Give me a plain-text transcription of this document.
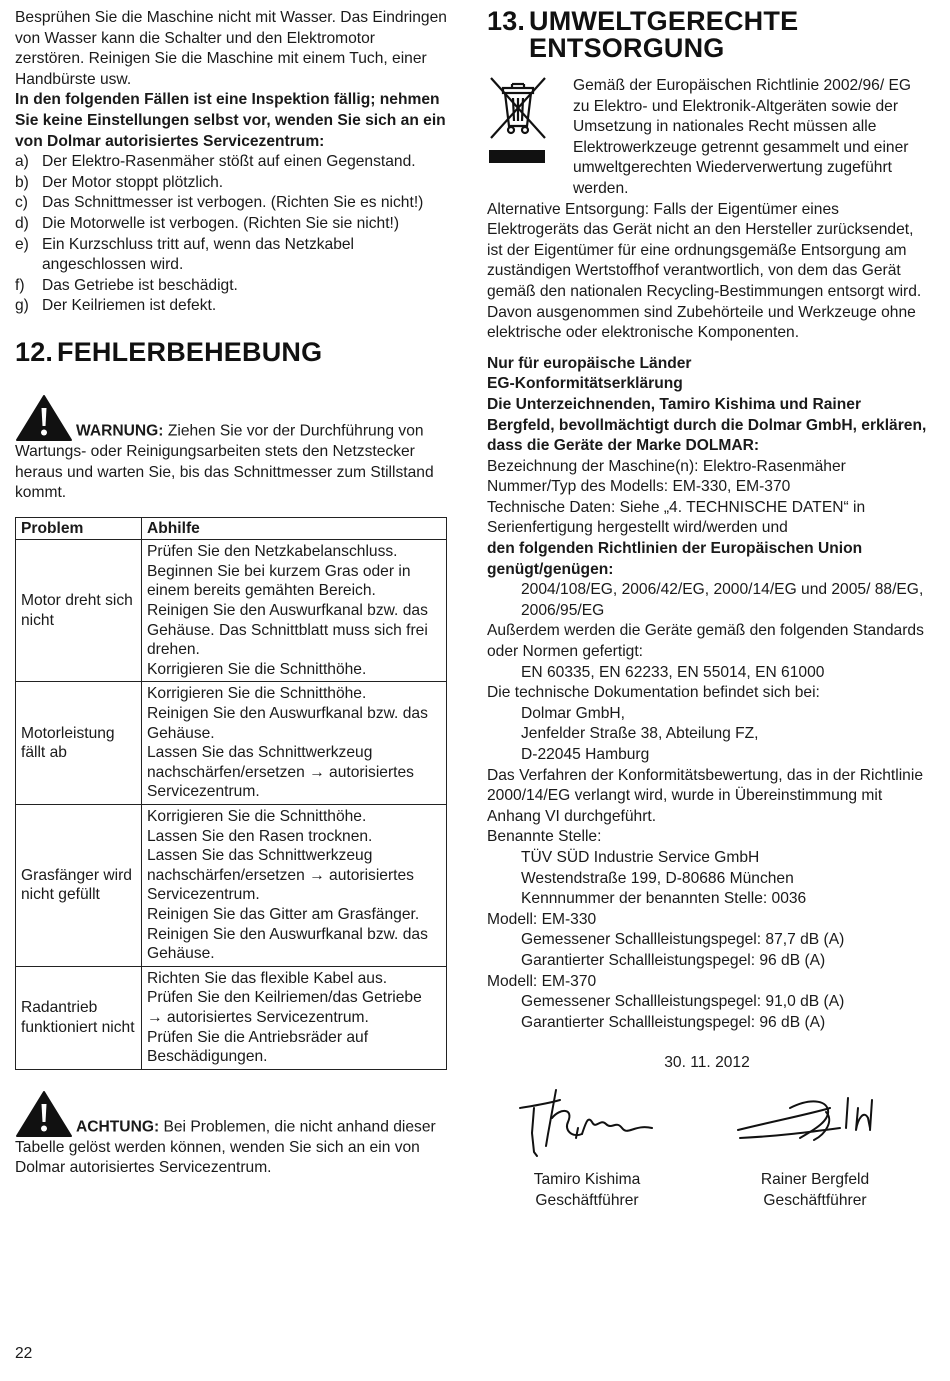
Besprühen Sie die Maschine nicht mit Wasser. Das Eindringen von Wasser kann die Schalter und den Elektromotor zerstören. Reinigen Sie die Maschine mit einem Tuch, einer Handbürste usw.

In den folgenden Fällen ist eine Inspektion fällig; nehmen Sie keine Einstellungen selbst vor, wenden Sie sich an ein von Dolmar autorisiertes Servicezentrum:

a) Der Elektro-Rasenmäher stößt auf einen Gegenstand.
b) Der Motor stoppt plötzlich.
c) Das Schnittmesser ist verbogen. (Richten Sie es nicht!)
d) Die Motorwelle ist verbogen. (Richten Sie sie nicht!)
e) Ein Kurzschluss tritt auf, wenn das Netzkabel angeschlossen wird.
f) Das Getriebe ist beschädigt.
g) Der Keilriemen ist defekt.
12. FEHLERBEHEBUNG
WARNUNG: Ziehen Sie vor der Durchführung von Wartungs- oder Reinigungsarbeiten stets den Netzstecker heraus und warten Sie, bis das Schnittmesser zum Stillstand kommt.
Problem	Abhilfe
Motor dreht sich nicht	Prüfen Sie den Netzkabelanschluss.
Beginnen Sie bei kurzem Gras oder in einem bereits gemähten Bereich.
Reinigen Sie den Auswurfkanal bzw. das Gehäuse. Das Schnittblatt muss sich frei drehen.
Korrigieren Sie die Schnitthöhe.

Motorleistung fällt ab	Korrigieren Sie die Schnitthöhe.
Reinigen Sie den Auswurfkanal bzw. das Gehäuse.
Lassen Sie das Schnittwerkzeug nachschärfen/ersetzen → autorisiertes Servicezentrum.

Grasfänger wird nicht gefüllt	Korrigieren Sie die Schnitthöhe.
Lassen Sie den Rasen trocknen.
Lassen Sie das Schnittwerkzeug nachschärfen/ersetzen → autorisiertes Servicezentrum.
Reinigen Sie das Gitter am Grasfänger.
Reinigen Sie den Auswurfkanal bzw. das Gehäuse.

Radantrieb funktioniert nicht	Richten Sie das flexible Kabel aus.
Prüfen Sie den Keilriemen/das Getriebe → autorisiertes Servicezentrum.
Prüfen Sie die Antriebsräder auf Beschädigungen.
ACHTUNG: Bei Problemen, die nicht anhand dieser Tabelle gelöst werden können, wenden Sie sich an ein von Dolmar autorisiertes Servicezentrum.
13. UMWELTGERECHTE
ENTSORGUNG

Gemäß der Europäischen Richtlinie 2002/96/ EG zu Elektro- und Elektronik-Altgeräten sowie der Umsetzung in nationales Recht müssen alle Elektrowerkzeuge getrennt gesammelt und einer umweltgerechten Wiederverwertung zugeführt werden.

Alternative Entsorgung: Falls der Eigentümer eines Elektrogeräts das Gerät nicht an den Hersteller zurücksendet, ist der Eigentümer für eine ordnungsgemäße Entsorgung am zuständigen Wertstoffhof verantwortlich, von dem das Gerät gemäß den nationalen Recycling-Bestimmungen entsorgt wird. Davon ausgenommen sind Zubehörteile und Werkzeuge ohne elektrische oder elektronische Komponenten.

Nur für europäische Länder

EG-Konformitätserklärung

Die Unterzeichnenden, Tamiro Kishima und Rainer Bergfeld, bevollmächtigt durch die Dolmar GmbH, erklären, dass die Geräte der Marke DOLMAR:

Bezeichnung der Maschine(n): Elektro-Rasenmäher

Nummer/Typ des Modells: EM-330, EM-370

Technische Daten: Siehe „4. TECHNISCHE DATEN“ in Serienfertigung hergestellt wird/werden und

den folgenden Richtlinien der Europäischen Union genügt/genügen:

2004/108/EG, 2006/42/EG, 2000/14/EG und 2005/ 88/EG, 2006/95/EG

Außerdem werden die Geräte gemäß den folgenden Standards oder Normen gefertigt:

EN 60335, EN 62233, EN 55014, EN 61000

Die technische Dokumentation befindet sich bei:

Dolmar GmbH,

Jenfelder Straße 38, Abteilung FZ,

D-22045 Hamburg

Das Verfahren der Konformitätsbewertung, das in der Richtlinie 2000/14/EG verlangt wird, wurde in Übereinstimmung mit Anhang VI durchgeführt.

Benannte Stelle:

TÜV SÜD Industrie Service GmbH

Westendstraße 199, D-80686 München

Kennnummer der benannten Stelle: 0036

Modell: EM-330

Gemessener Schallleistungspegel: 87,7 dB (A)

Garantierter Schallleistungspegel: 96 dB (A)

Modell: EM-370

Gemessener Schallleistungspegel: 91,0 dB (A)

Garantierter Schallleistungspegel: 96 dB (A)

30. 11. 2012

Tamiro Kishima
Geschäftführer
Rainer Bergfeld
Geschäftführer
22
